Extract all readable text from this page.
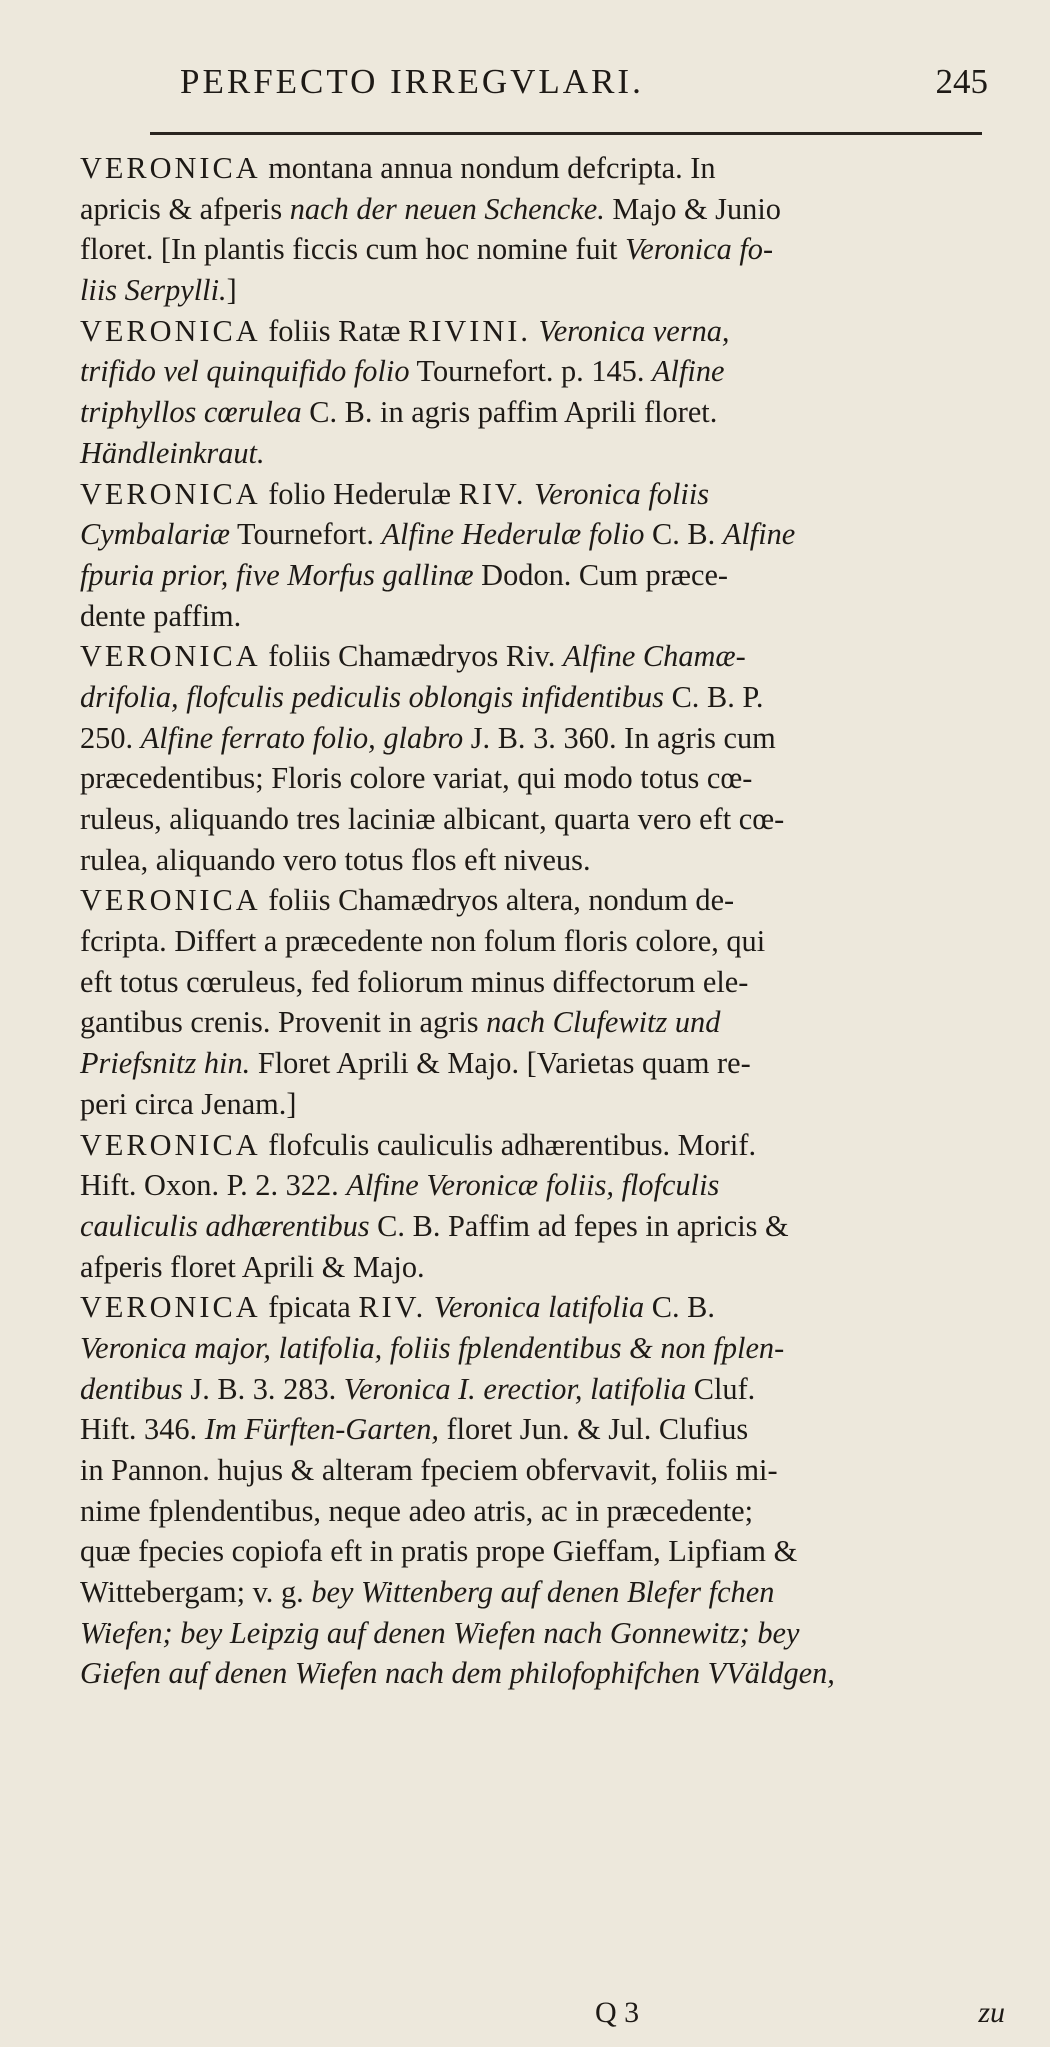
PERFECTO IRREGVLARI.	245
VERONICA montana annua nondum defcripta. In
apricis & afperis nach der neuen Schencke. Majo & Junio
floret. [In plantis ficcis cum hoc nomine fuit Veronica fo-
liis Serpylli.]
VERONICA foliis Ratæ RIVINI. Veronica verna,
trifido vel quinquifido folio Tournefort. p. 145. Alfine
triphyllos cœrulea C. B. in agris paffim Aprili floret.
Händleinkraut.
VERONICA folio Hederulæ RIV. Veronica foliis
Cymbalariæ Tournefort. Alfine Hederulæ folio C. B. Alfine
fpuria prior, five Morfus gallinæ Dodon. Cum præce-
dente paffim.
VERONICA foliis Chamædryos Riv. Alfine Chamæ-
drifolia, flofculis pediculis oblongis infidentibus C. B. P.
250. Alfine ferrato folio, glabro J. B. 3. 360. In agris cum
præcedentibus; Floris colore variat, qui modo totus cœ-
ruleus, aliquando tres laciniæ albicant, quarta vero eft cœ-
rulea, aliquando vero totus flos eft niveus.
VERONICA foliis Chamædryos altera, nondum de-
fcripta. Differt a præcedente non folum floris colore, qui
eft totus cœruleus, fed foliorum minus diffectorum ele-
gantibus crenis. Provenit in agris nach Clufewitz und
Priefsnitz hin. Floret Aprili & Majo. [Varietas quam re-
peri circa Jenam.]
VERONICA flofculis cauliculis adhærentibus. Morif.
Hift. Oxon. P. 2. 322. Alfine Veronicæ foliis, flofculis
cauliculis adhærentibus C. B. Paffim ad fepes in apricis &
afperis floret Aprili & Majo.
VERONICA fpicata RIV. Veronica latifolia C. B.
Veronica major, latifolia, foliis fplendentibus & non fplen-
dentibus J. B. 3. 283. Veronica I. erectior, latifolia Cluf.
Hift. 346. Im Fürften-Garten, floret Jun. & Jul. Clufius
in Pannon. hujus & alteram fpeciem obfervavit, foliis mi-
nime fplendentibus, neque adeo atris, ac in præcedente;
quæ fpecies copiofa eft in pratis prope Gieffam, Lipfiam &
Wittebergam; v. g. bey Wittenberg auf denen Blefer fchen
Wiefen; bey Leipzig auf denen Wiefen nach Gonnewitz; bey
Giefen auf denen Wiefen nach dem philofophifchen VVäldgen,
Q 3	zu
